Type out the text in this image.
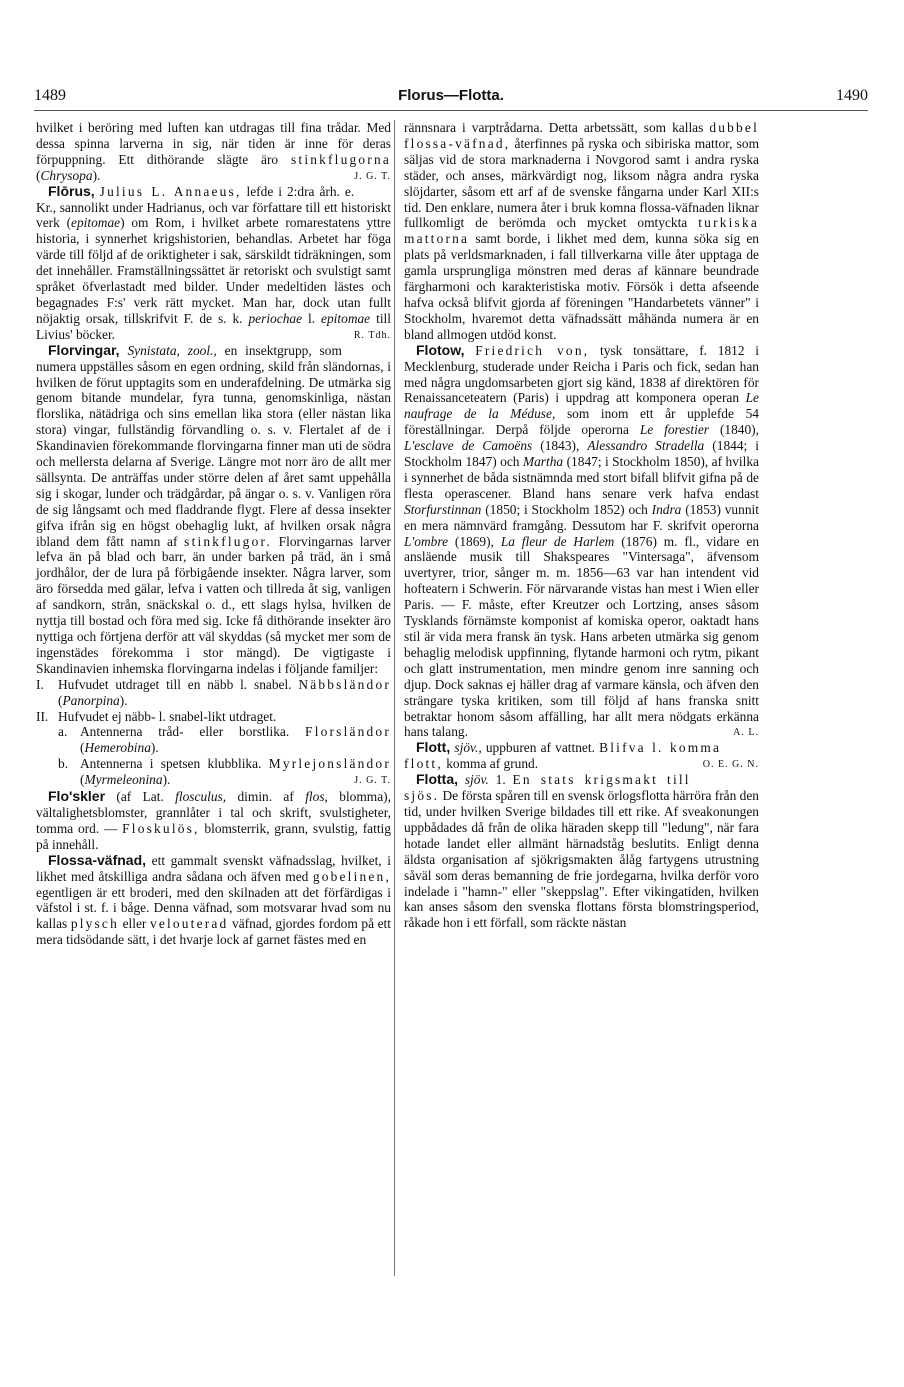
1489	Florus—Flotta.	1490

hvilket i beröring med luften kan utdragas till fina trådar. Med dessa spinna larverna in sig, när tiden är inne för deras förpuppning. Ett dithörande slägte äro stinkflugorna (Chrysopa).	J. G. T.

Flōrus, Julius L. Annaeus, lefde i 2:dra årh. e. Kr., sannolikt under Hadrianus, och var författare till ett historiskt verk (epitomae) om Rom, i hvilket arbete romarestatens yttre historia, i synnerhet krigshistorien, behandlas. Arbetet har föga värde till följd af de oriktigheter i sak, särskildt tidräkningen, som det innehåller. Framställningssättet är retoriskt och svulstigt samt språket öfverlastadt med bilder. Under medeltiden lästes och begagnades F:s' verk rätt mycket. Man har, dock utan fullt nöjaktig orsak, tillskrifvit F. de s. k. periochae l. epitomae till Livius' böcker.	R. Tdh.

Florvingar, Synistata, zool., en insektgrupp, som numera uppställes såsom en egen ordning, skild från sländornas, i hvilken de förut upptagits som en underafdelning. De utmärka sig genom bitande mundelar, fyra tunna, genomskinliga, nästan florslika, nätädriga och sins emellan lika stora (eller nästan lika stora) vingar, fullständig förvandling o. s. v. Flertalet af de i Skandinavien förekommande florvingarna finner man uti de södra och mellersta delarna af Sverige. Längre mot norr äro de allt mer sällsynta. De anträffas under större delen af året samt uppehålla sig i skogar, lunder och trädgårdar, på ängar o. s. v. Vanligen röra de sig långsamt och med fladdrande flygt. Flere af dessa insekter gifva ifrån sig en högst obehaglig lukt, af hvilken orsak några ibland dem fått namn af stinkflugor. Florvingarnas larver lefva än på blad och barr, än under barken på träd, än i små jordhålor, der de lura på förbigående insekter. Några larver, som äro försedda med gälar, lefva i vatten och tillreda åt sig, vanligen af sandkorn, strån, snäckskal o. d., ett slags hylsa, hvilken de nyttja till bostad och föra med sig. Icke få dithörande insekter äro nyttiga och förtjena derför att väl skyddas (så mycket mer som de ingenstädes förekomma i stor mängd). De vigtigaste i Skandinavien inhemska florvingarna indelas i följande familjer:

I.	Hufvudet utdraget till en näbb l. snabel. Näbbsländor (Panorpina).
II. Hufvudet ej näbb- l. snabel-likt utdraget.
a. Antennerna tråd- eller borstlika. Florsländor (Hemerobina).
b. Antennerna i spetsen klubblika. Myrlejonsländor (Myrmeleonina).	J. G. T.

Flo'skler (af Lat. flosculus, dimin. af flos, blomma), vältalighetsblomster, grannlåter i tal och skrift, svulstigheter, tomma ord. — Floskulös, blomsterrik, grann, svulstig, fattig på innehåll.

Flossa-väfnad, ett gammalt svenskt väfnadsslag, hvilket, i likhet med åtskilliga andra sådana och äfven med gobelinen, egentligen är ett broderi, med den skilnaden att det förfärdigas i väfstol i st. f. i båge. Denna väfnad, som motsvarar hvad som nu kallas plysch eller velouterad väfnad, gjordes fordom på ett mera tidsödande sätt, i det hvarje lock af garnet fästes med en

rännsnara i varptrådarna. Detta arbetssätt, som kallas dubbel flossa-väfnad, återfinnes på ryska och sibiriska mattor, som säljas vid de stora marknaderna i Novgorod samt i andra ryska städer, och anses, märkvärdigt nog, liksom några andra ryska slöjdarter, såsom ett arf af de svenske fångarna under Karl XII:s tid. Den enklare, numera åter i bruk komna flossa-väfnaden liknar fullkomligt de berömda och mycket omtyckta turkiska mattorna samt borde, i likhet med dem, kunna söka sig en plats på verldsmarknaden, i fall tillverkarna ville åter upptaga de gamla ursprungliga mönstren med deras af kännare beundrade färgharmoni och karakteristiska motiv. Försök i detta afseende hafva också blifvit gjorda af föreningen "Handarbetets vänner" i Stockholm, hvaremot detta väfnadssätt måhända numera är en bland allmogen utdöd konst.

Flotow, Friedrich von, tysk tonsättare, f. 1812 i Mecklenburg, studerade under Reicha i Paris och fick, sedan han med några ungdomsarbeten gjort sig känd, 1838 af direktören för Renaissanceteatern (Paris) i uppdrag att komponera operan Le naufrage de la Méduse, som inom ett år upplefde 54 föreställningar. Derpå följde operorna Le forestier (1840), L'esclave de Camoëns (1843), Alessandro Stradella (1844; i Stockholm 1847) och Martha (1847; i Stockholm 1850), af hvilka i synnerhet de båda sistnämnda med stort bifall blifvit gifna på de flesta operascener. Bland hans senare verk hafva endast Storfurstinnan (1850; i Stockholm 1852) och Indra (1853) vunnit en mera nämnvärd framgång. Dessutom har F. skrifvit operorna L'ombre (1869), La fleur de Harlem (1876) m. fl., vidare en ansläende musik till Shakspeares "Vintersaga", äfvensom uvertyrer, trior, sånger m. m. 1856—63 var han intendent vid hofteatern i Schwerin. För närvarande vistas han mest i Wien eller Paris. — F. måste, efter Kreutzer och Lortzing, anses såsom Tysklands förnämste komponist af komiska operor, oaktadt hans stil är vida mera fransk än tysk. Hans arbeten utmärka sig genom behaglig melodisk uppfinning, flytande harmoni och rytm, pikant och glatt instrumentation, men mindre genom inre sanning och djup. Dock saknas ej häller drag af varmare känsla, och äfven den strängare tyska kritiken, som till följd af hans franska snitt betraktar honom såsom affälling, har allt mera nödgats erkänna hans talang.	A. L.

Flott, sjöv., uppburen af vattnet. Blifva l. komma flott, komma af grund.	O. E. G. N.

Flotta, sjöv. 1. En stats krigsmakt till sjös. De första spåren till en svensk örlogsflotta härröra från den tid, under hvilken Sverige bildades till ett rike. Af sveakonungen uppbådades då från de olika häraden skepp till "ledung", när fara hotade landet eller allmänt härnadståg beslutits. Enligt denna äldsta organisation af sjökrigsmakten ålåg fartygens utrustning såväl som deras bemanning de frie jordegarna, hvilka derför voro indelade i "hamn-" eller "skeppslag". Efter vikingatiden, hvilken kan anses såsom den svenska flottans första blomstringsperiod, råkade hon i ett förfall, som räckte nästan
